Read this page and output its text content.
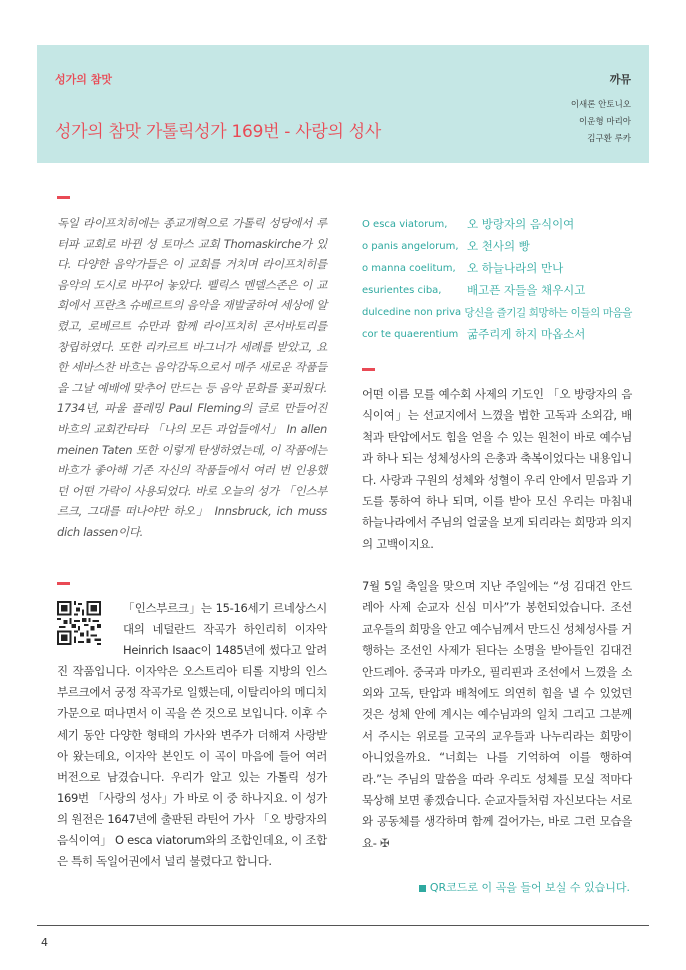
성가의 참맛	까뮤
성가의 참맛 가톨릭성가 169번 - 사랑의 성사
이새론 안토니오
이운형 마리아
김구환 루카

독일 라이프치히에는 종교개혁으로 가톨릭 성당에서 루터파 교회로 바뀐 성 토마스 교회 Thomaskirche가 있다. 다양한 음악가들은 이 교회를 거치며 라이프치히를 음악의 도시로 바꾸어 놓았다. 펠릭스 멘델스존은 이 교회에서 프란츠 슈베르트의 음악을 재발굴하여 세상에 알렸고, 로베르트 슈만과 함께 라이프치히 콘서바토리를 창립하였다. 또한 리카르트 바그너가 세례를 받았고, 요한 세바스찬 바흐는 음악감독으로서 매주 새로운 작품들을 그날 예배에 맞추어 만드는 등 음악 문화를 꽃피웠다. 1734년, 파울 플레밍 Paul Fleming의 글로 만들어진 바흐의 교회칸타타 「나의 모든 과업들에서」 In allen meinen Taten 또한 이렇게 탄생하였는데, 이 작품에는 바흐가 좋아해 기존 자신의 작품들에서 여러 번 인용했던 어떤 가락이 사용되었다. 바로 오늘의 성가 「인스부르크, 그대를 떠나야만 하오」 Innsbruck, ich muss dich lassen이다.

「인스부르크」는 15-16세기 르네상스시대의 네덜란드 작곡가 하인리히 이자악 Heinrich Isaac이 1485년에 썼다고 알려진 작품입니다. 이자악은 오스트리아 티롤 지방의 인스부르크에서 궁정 작곡가로 일했는데, 이탈리아의 메디치 가문으로 떠나면서 이 곡을 쓴 것으로 보입니다. 이후 수 세기 동안 다양한 형태의 가사와 변주가 더해져 사랑받아 왔는데요, 이자악 본인도 이 곡이 마음에 들어 여러 버전으로 남겼습니다. 우리가 알고 있는 가톨릭 성가 169번 「사랑의 성사」가 바로 이 중 하나지요. 이 성가의 원전은 1647년에 출판된 라틴어 가사 「오 방랑자의 음식이여」 O esca viatorum와의 조합인데요, 이 조합은 특히 독일어권에서 널리 불렸다고 합니다.
O esca viatorum,	오 방랑자의 음식이여
o panis angelorum, 오 천사의 빵
o manna coelitum, 오 하늘나라의 만나
esurientes ciba,	배고픈 자들을 채우시고
dulcedine non priva 당신을 즐기길 희망하는 이들의 마음을
cor te quaerentium 굶주리게 하지 마옵소서

어떤 이름 모를 예수회 사제의 기도인 「오 방랑자의 음식이여」는 선교지에서 느꼈을 법한 고독과 소외감, 배척과 탄압에서도 힘을 얻을 수 있는 원천이 바로 예수님과 하나 되는 성체성사의 은총과 축복이었다는 내용입니다. 사랑과 구원의 성체와 성혈이 우리 안에서 믿음과 기도를 통하여 하나 되며, 이를 받아 모신 우리는 마침내 하늘나라에서 주님의 얼굴을 보게 되리라는 희망과 의지의 고백이지요.

7월 5일 축일을 맞으며 지난 주일에는 “성 김대건 안드레아 사제 순교자 신심 미사”가 봉헌되었습니다. 조선 교우들의 희망을 안고 예수님께서 만드신 성체성사를 거행하는 조선인 사제가 된다는 소명을 받아들인 김대건 안드레아. 중국과 마카오, 필리핀과 조선에서 느꼈을 소외와 고독, 탄압과 배척에도 의연히 힘을 낼 수 있었던 것은 성체 안에 계시는 예수님과의 일치 그리고 그분께서 주시는 위로를 고국의 교우들과 나누리라는 희망이 아니었을까요. “너희는 나를 기억하여 이를 행하여라.”는 주님의 말씀을 따라 우리도 성체를 모실 적마다 묵상해 보면 좋겠습니다. 순교자들처럼 자신보다는 서로와 공동체를 생각하며 함께 걸어가는, 바로 그런 모습을요- ✠

QR코드로 이 곡을 들어 보실 수 있습니다.
4
